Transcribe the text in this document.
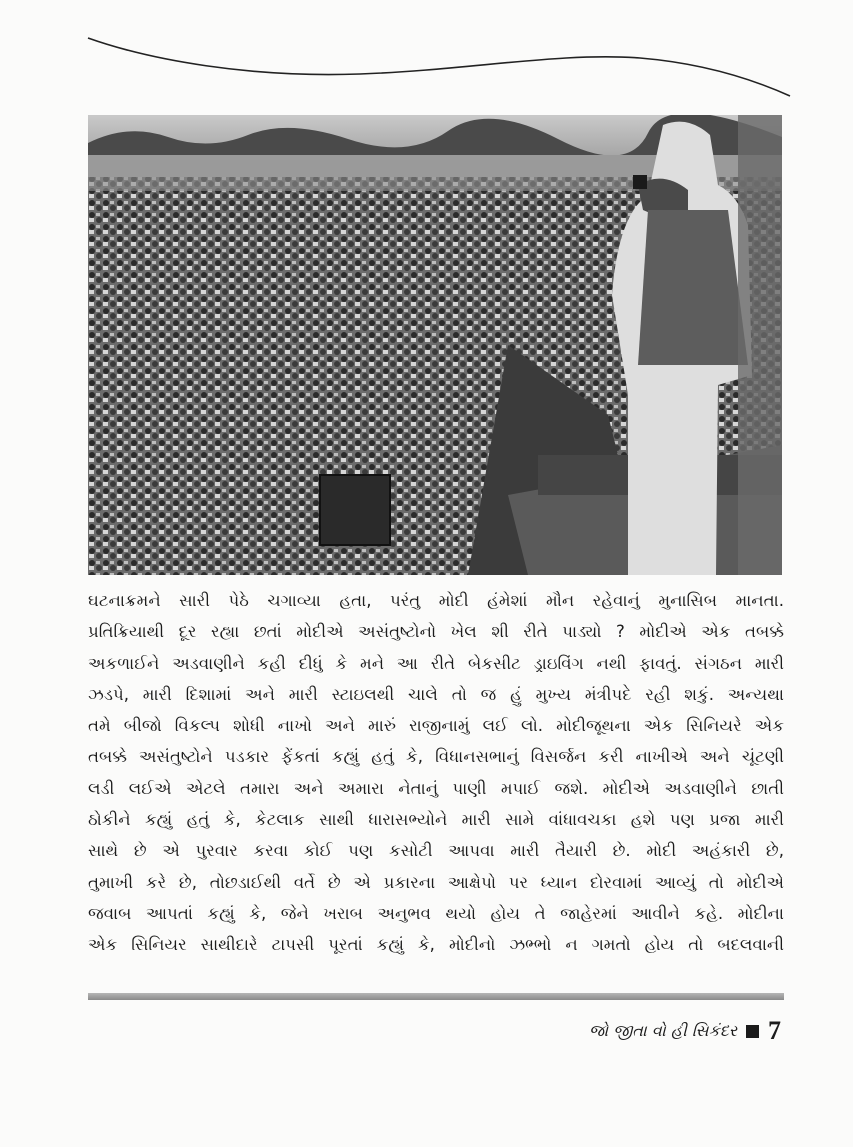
ઘટનાક્રમને સારી પેઠે ચગાવ્યા હતા, પરંતુ મોદી હંમેશાં મૌન રહેવાનું મુનાસિબ માનતા.
પ્રતિક્રિયાથી દૂર રહ્યા છતાં મોદીએ અસંતુષ્ટોનો ખેલ શી રીતે પાડ્યો ? મોદીએ એક તબક્કે
અકળાઈને અડવાણીને કહી દીધું કે મને આ રીતે બેકસીટ ડ્રાઇવિંગ નથી ફાવતું. સંગઠન મારી
ઝડપે, મારી દિશામાં અને મારી સ્ટાઇલથી ચાલે તો જ હું મુખ્ય મંત્રીપદે રહી શકું. અન્યથા
તમે બીજો વિકલ્પ શોધી નાખો અને મારું રાજીનામું લઈ લો. મોદીજૂથના એક સિનિયરે એક
તબક્કે અસંતુષ્ટોને પડકાર ફેંકતાં કહ્યું હતું કે, વિધાનસભાનું વિસર્જન કરી નાખીએ અને ચૂંટણી
લડી લઈએ એટલે તમારા અને અમારા નેતાનું પાણી મપાઈ જશે. મોદીએ અડવાણીને છાતી
ઠોકીને કહ્યું હતું કે, કેટલાક સાથી ધારાસભ્યોને મારી સામે વાંધાવચકા હશે પણ પ્રજા મારી
સાથે છે એ પુરવાર કરવા કોઈ પણ કસોટી આપવા મારી તૈયારી છે. મોદી અહંકારી છે,
તુમાખી કરે છે, તોછડાઈથી વર્તે છે એ પ્રકારના આક્ષેપો પર ધ્યાન દોરવામાં આવ્યું તો મોદીએ
જવાબ આપતાં કહ્યું કે, જેને ખરાબ અનુભવ થયો હોય તે જાહેરમાં આવીને કહે. મોદીના
એક સિનિયર સાથીદારે ટાપસી પૂરતાં કહ્યું કે, મોદીનો ઝભ્ભો ન ગમતો હોય તો બદલવાની
જો જીતા વો હી સિકંદર 7
